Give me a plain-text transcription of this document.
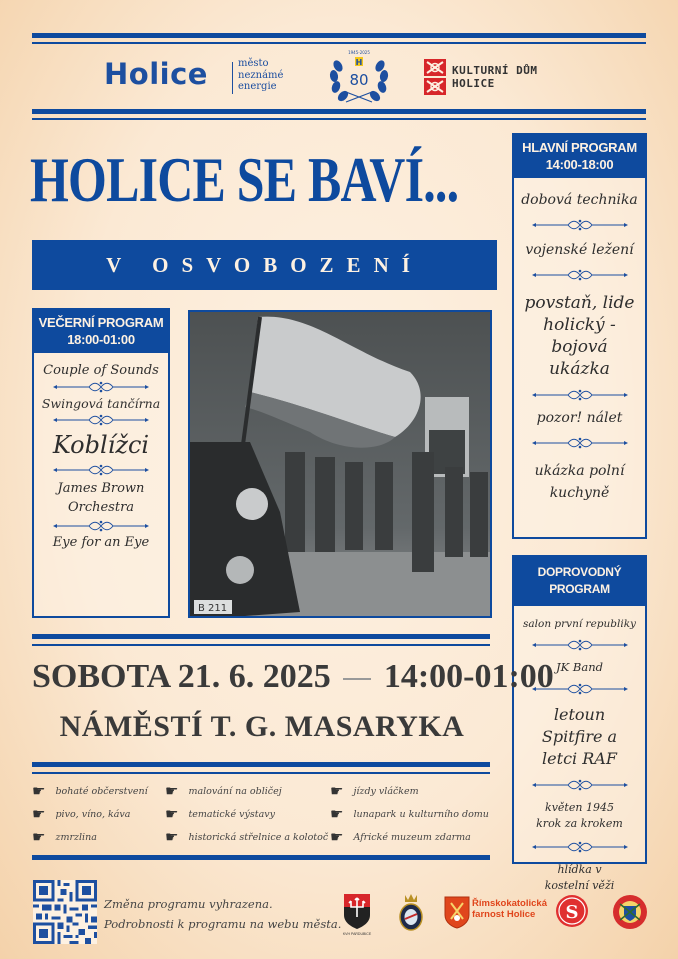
Holice	město
neznámé
energie
1945-2025
H
80
KULTURNÍ DŮM
HOLICE
HOLICE SE BAVÍ...
V OSVOBOZENÍ
VEČERNÍ PROGRAM
18:00-01:00
Couple of Sounds
Swingová tančírna
Koblížci
James Brown Orchestra
Eye for an Eye
B 211
HLAVNÍ PROGRAM
14:00-18:00
dobová technika
vojenské ležení
povstaň, lide holický - bojová ukázka
pozor! nálet
ukázka polní kuchyně
DOPROVODNÝ PROGRAM
salon první republiky
JK Band
letoun Spitfire a letci RAF
květen 1945 krok za krokem
hlídka v kostelní věži
SOBOTA 21. 6. 2025 14:00-01:00
NÁMĚSTÍ T. G. MASARYKA
☛ bohaté občerstvení
☛ pivo, víno, káva
☛ zmrzlina
☛ malování na obličej
☛ tematické výstavy
☛ historická střelnice a kolotoč
☛ jízdy vláčkem
☛ lunapark u kulturního domu
☛ Africké muzeum zdarma
Změna programu vyhrazena.
Podrobnosti k programu na webu města.
KVH PARDUBICE
Římskokatolická
farnost Holice	S
